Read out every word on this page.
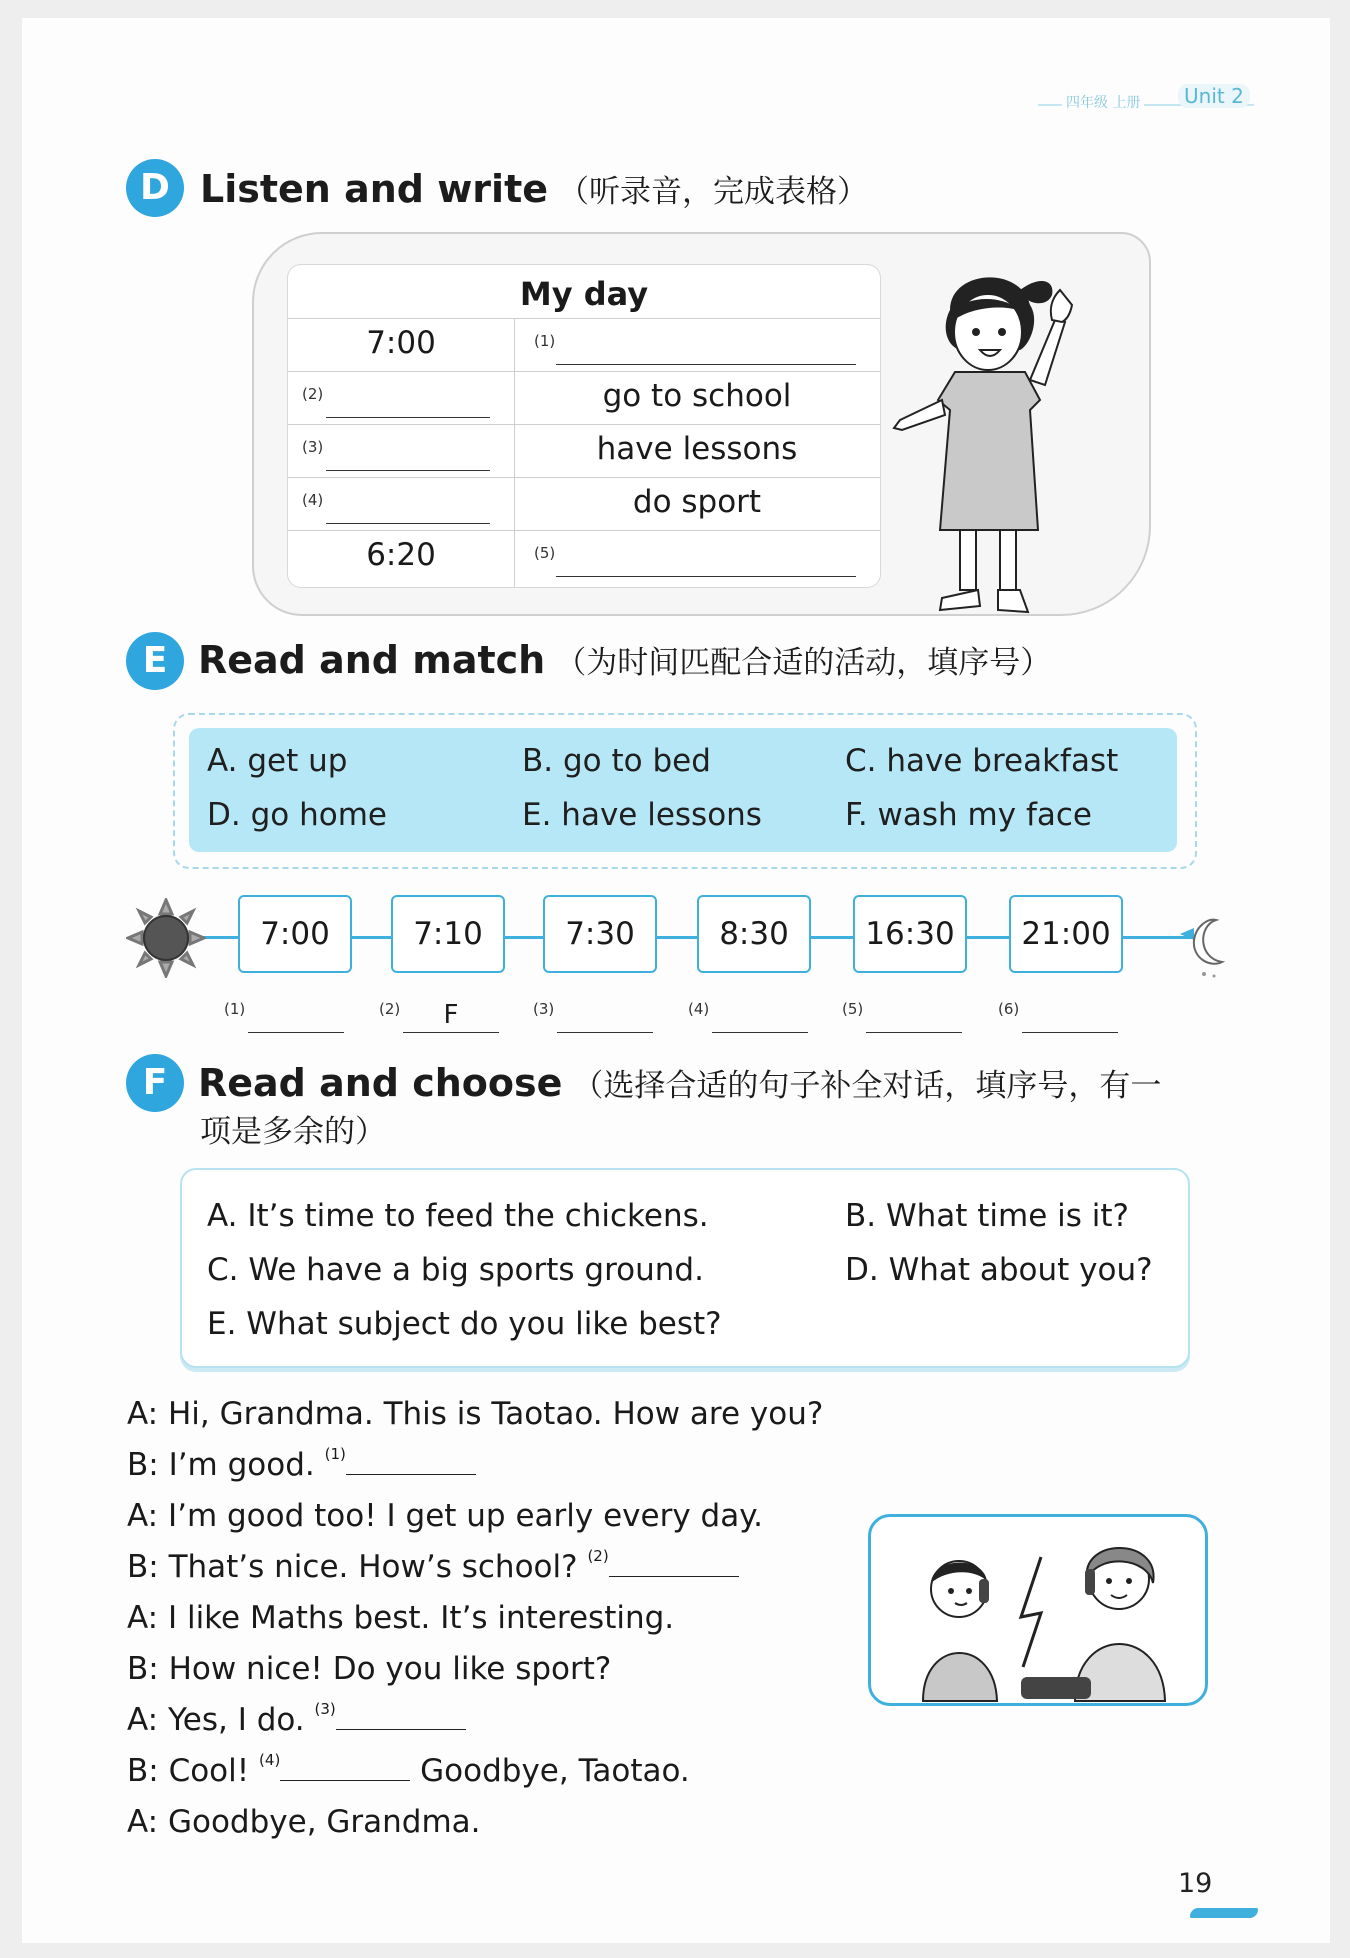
四年级 上册	Unit 2
D Listen and write （听录音，完成表格）
My day
7:00	(1)
(2)	go to school
(3)	have lessons
(4)	do sport
6:20	(5)
E Read and match （为时间匹配合适的活动，填序号）
A. get up	B. go to bed	C. have breakfast
D. go home	E. have lessons	F. wash my face
7:00	7:10	7:30	8:30	16:30	21:00
(1)	(2)	F	(3)	(4)	(5)	(6)
F Read and choose （选择合适的句子补全对话，填序号，有一
项是多余的）
A. It’s time to feed the chickens.	B. What time is it?
C. We have a big sports ground.	D. What about you?
E. What subject do you like best?
A: Hi, Grandma. This is Taotao. How are you?
B: I’m good. $^{(1)}$
A: I’m good too! I get up early every day.
B: That’s nice. How’s school? $^{(2)}$
A: I like Maths best. It’s interesting.
B: How nice! Do you like sport?
A: Yes, I do. $^{(3)}$
B: Cool! $^{(4)}$	Goodbye, Taotao.
A: Goodbye, Grandma.
19
